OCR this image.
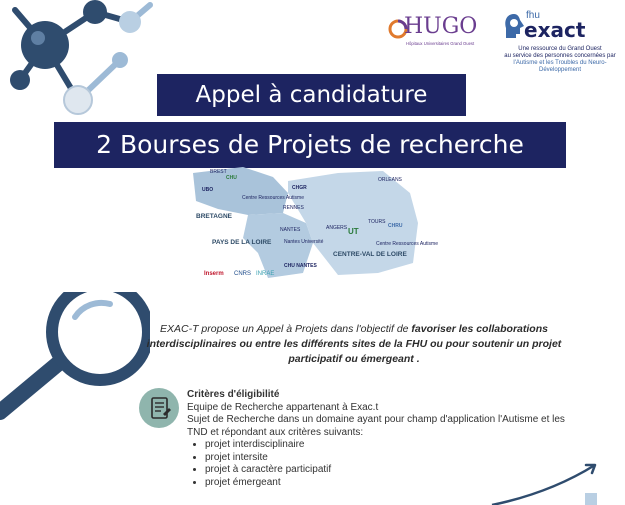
HUGO
Hôpitaux Universitaires Grand Ouest
fhu
exact
Une ressource du Grand Ouest
au service des personnes concernées par
l'Autisme et les Troubles du Neuro-Développement
Appel à candidature
2 Bourses de Projets de recherche
BRETAGNE
PAYS DE LA LOIRE
CENTRE-VAL DE LOIRE
BREST
RENNES
NANTES	ANGERS
TOURS
ORLEANS
UBO
CHU
Centre Ressources Autisme
CHGR
Nantes Université
CHU NANTES
UT
CHRU
Centre Ressources Autisme
Inserm CNRS INRAE
EXAC-T propose un Appel à Projets dans l'objectif de favoriser les collaborations interdisciplinaires ou entre les différents sites de la FHU ou pour soutenir un projet participatif ou émergeant .
Critères d'éligibilité
Equipe de Recherche appartenant à Exac.t
Sujet de Recherche dans un domaine ayant pour champ d'application l'Autisme et les TND et répondant aux critères suivants:
• projet interdisciplinaire
• projet intersite
• projet à caractère participatif
• projet émergeant
